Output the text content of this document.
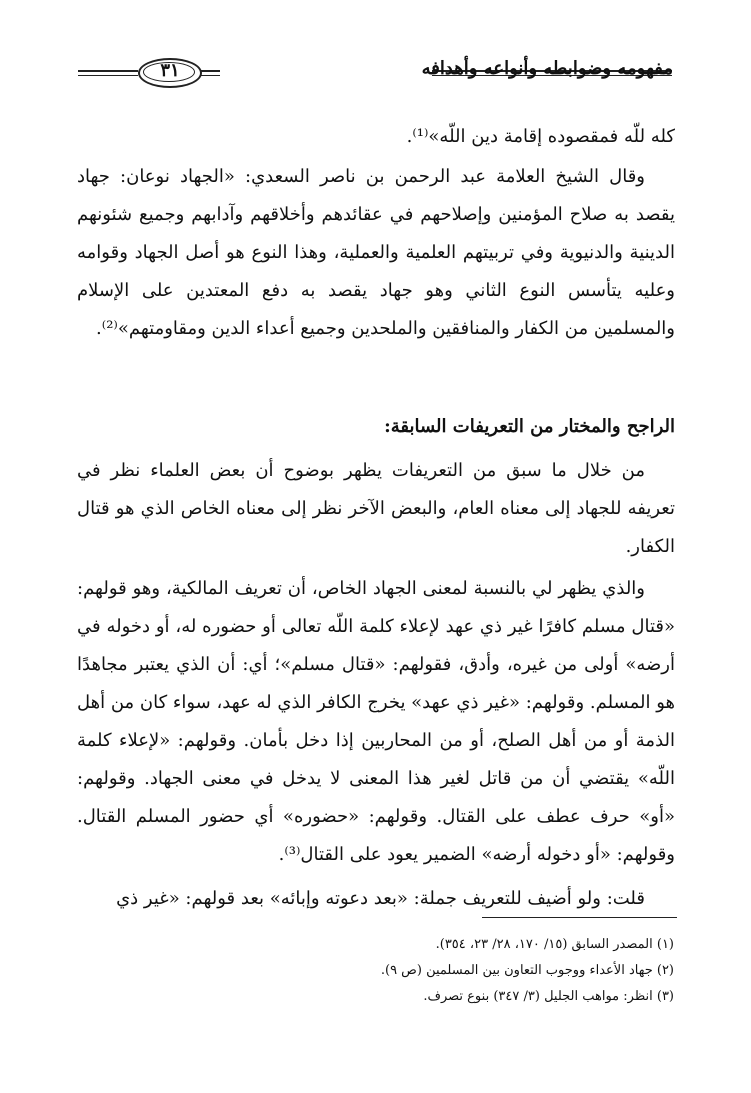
مفهومه وضوابطه وأنواعه وأهدافه
٣١

كله للّه فمقصوده إقامة دين اللّه»⁽¹⁾.

وقال الشيخ العلامة عبد الرحمن بن ناصر السعدي: «الجهاد نوعان: جهاد يقصد به صلاح المؤمنين وإصلاحهم في عقائدهم وأخلاقهم وآدابهم وجميع شئونهم الدينية والدنيوية وفي تربيتهم العلمية والعملية، وهذا النوع هو أصل الجهاد وقوامه وعليه يتأسس النوع الثاني وهو جهاد يقصد به دفع المعتدين على الإسلام والمسلمين من الكفار والمنافقين والملحدين وجميع أعداء الدين ومقاومتهم»⁽²⁾.

الراجح والمختار من التعريفات السابقة:

من خلال ما سبق من التعريفات يظهر بوضوح أن بعض العلماء نظر في تعريفه للجهاد إلى معناه العام، والبعض الآخر نظر إلى معناه الخاص الذي هو قتال الكفار.

والذي يظهر لي بالنسبة لمعنى الجهاد الخاص، أن تعريف المالكية، وهو قولهم: «قتال مسلم كافرًا غير ذي عهد لإعلاء كلمة اللّه تعالى أو حضوره له، أو دخوله في أرضه» أولى من غيره، وأدق، فقولهم: «قتال مسلم»؛ أي: أن الذي يعتبر مجاهدًا هو المسلم. وقولهم: «غير ذي عهد» يخرج الكافر الذي له عهد، سواء كان من أهل الذمة أو من أهل الصلح، أو من المحاربين إذا دخل بأمان. وقولهم: «لإعلاء كلمة اللّه» يقتضي أن من قاتل لغير هذا المعنى لا يدخل في معنى الجهاد. وقولهم: «أو» حرف عطف على القتال. وقولهم: «حضوره» أي حضور المسلم القتال. وقولهم: «أو دخوله أرضه» الضمير يعود على القتال⁽³⁾.

قلت: ولو أضيف للتعريف جملة: «بعد دعوته وإبائه» بعد قولهم: «غير ذي

(١) المصدر السابق (١٥/ ١٧٠، ٢٨/ ٢٣، ٣٥٤).
(٢) جهاد الأعداء ووجوب التعاون بين المسلمين (ص ٩).
(٣) انظر: مواهب الجليل (٣/ ٣٤٧) بنوع تصرف.
